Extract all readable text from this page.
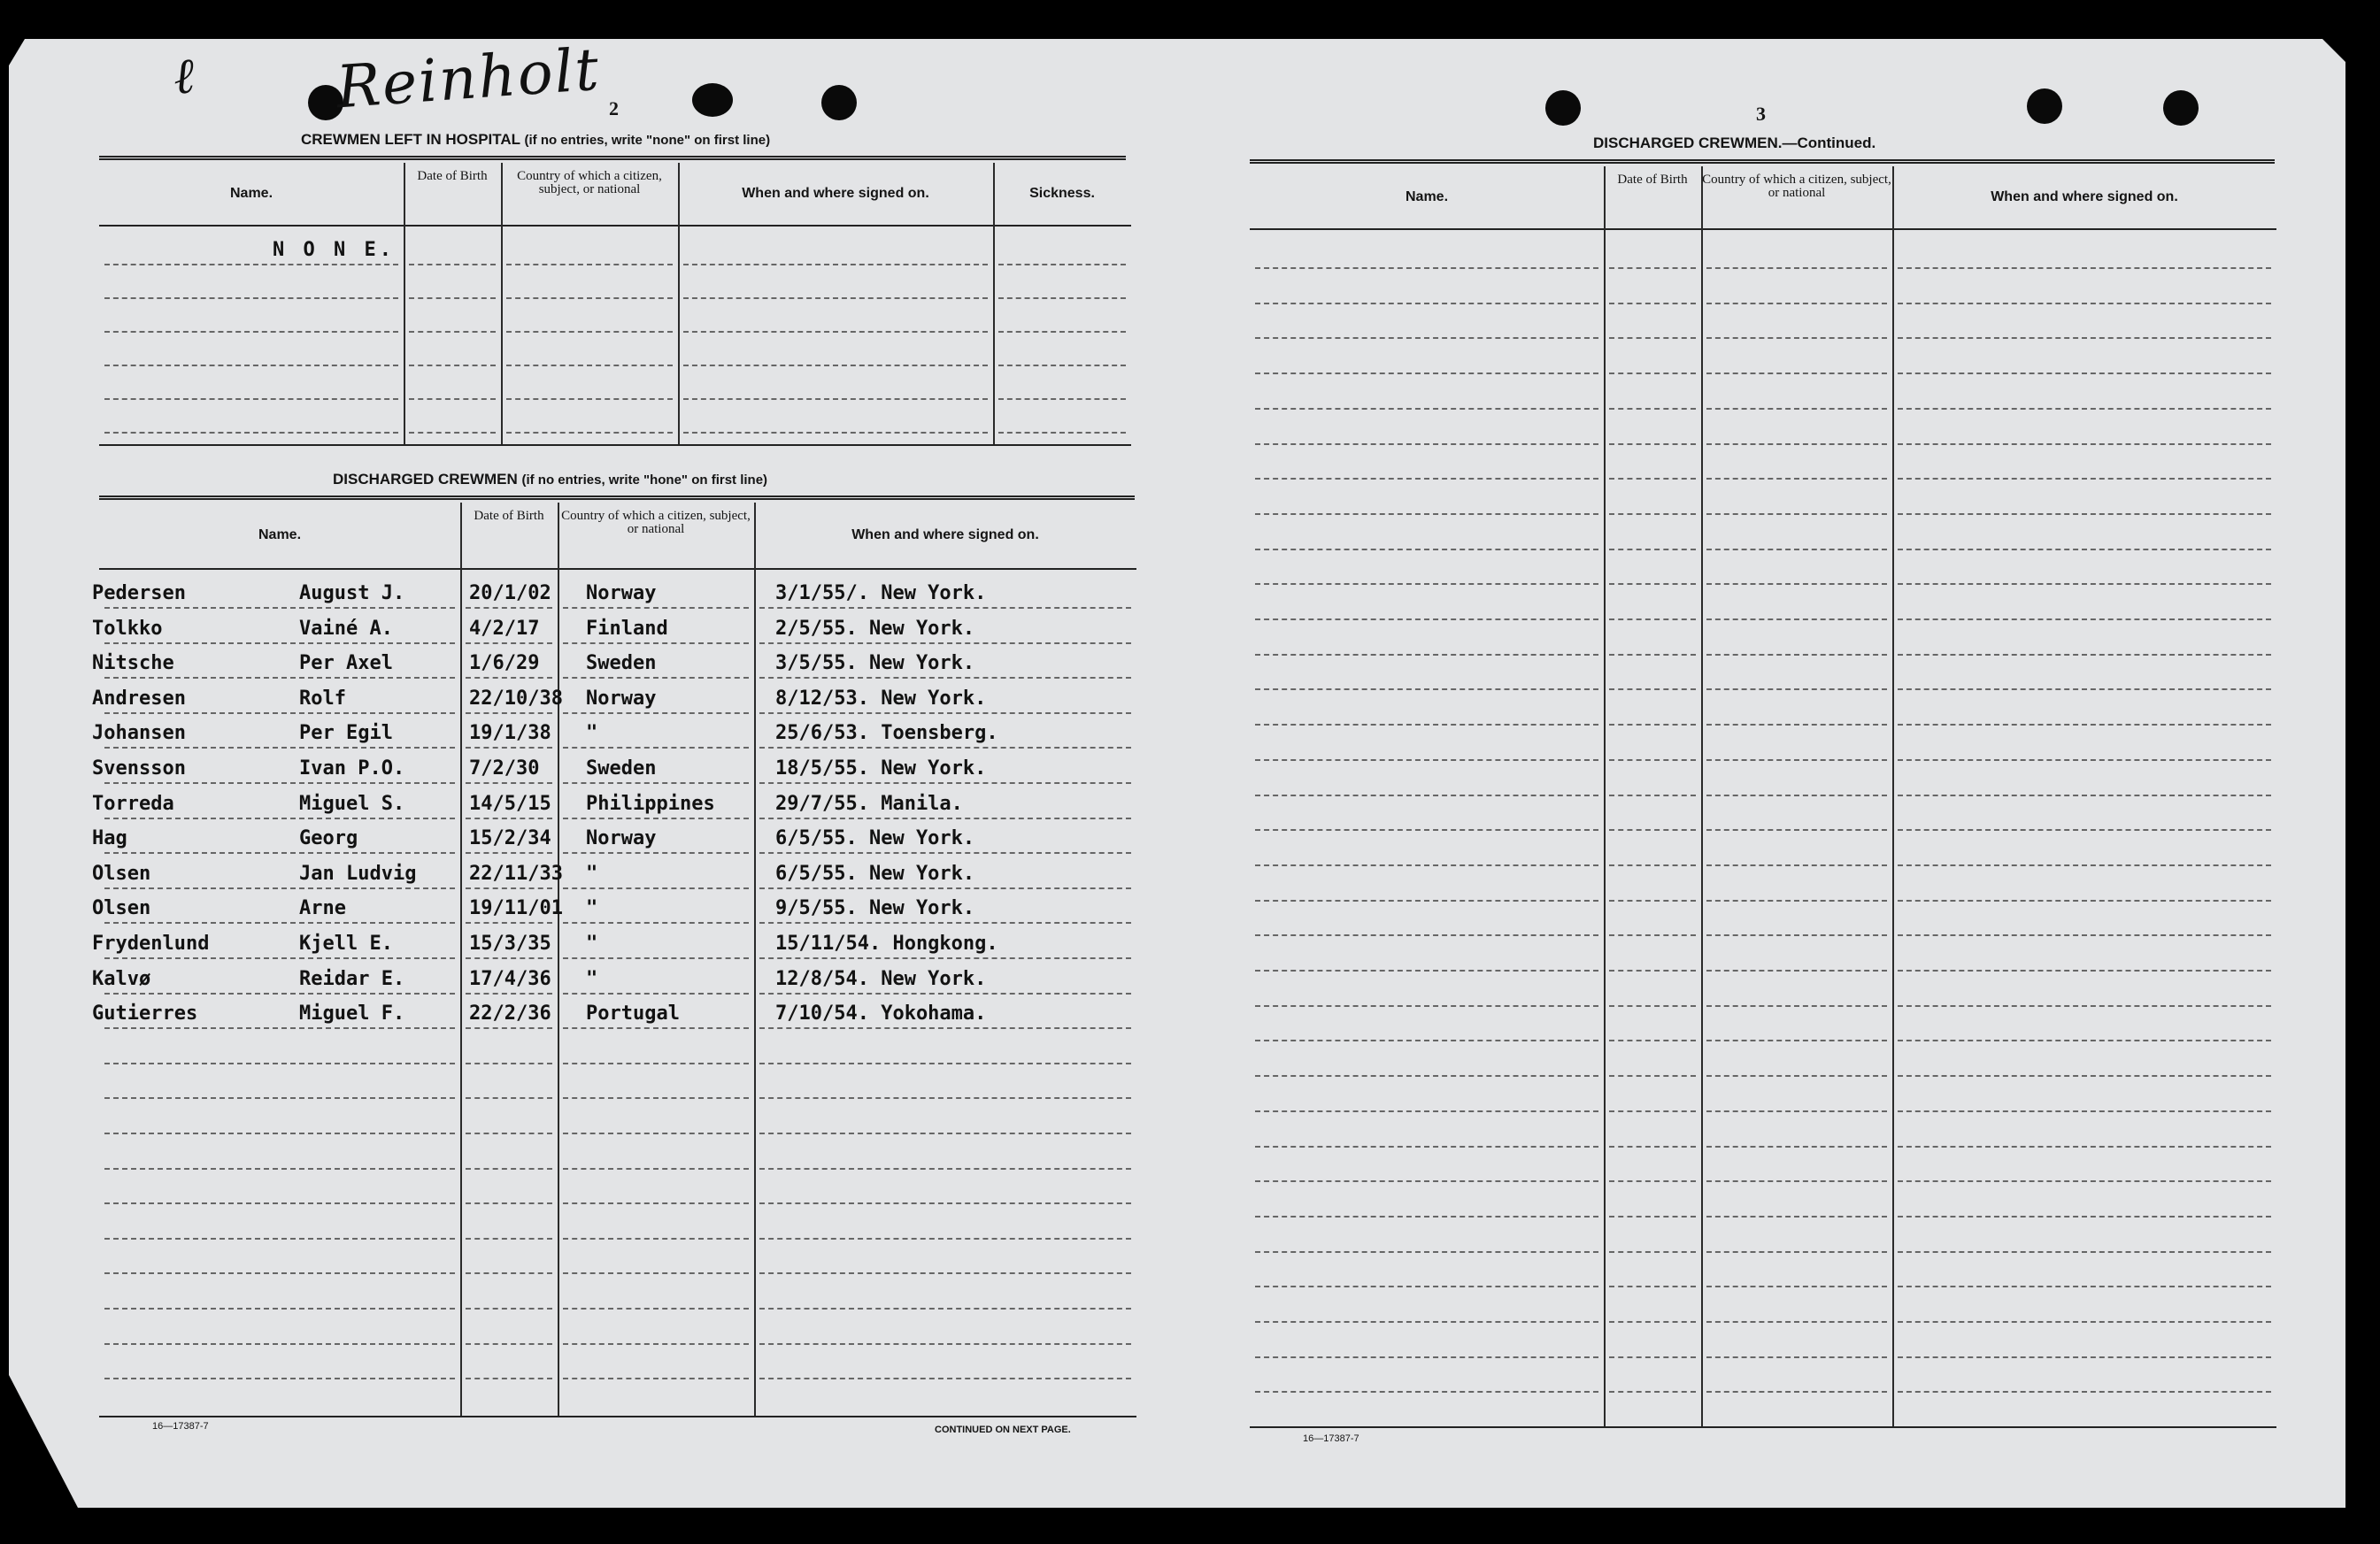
Reinholt
ℓ
2
CREWMEN LEFT IN HOSPITAL (if no entries, write "none" on first line)
Name.
Date of Birth	Country of which a citizen, subject, or national	When and where signed on.	Sickness.
N O N E.
DISCHARGED CREWMEN (if no entries, write "hone" on first line)
Name.
Date of Birth	Country of which a citizen, subject, or national	When and where signed on.
Pedersen	August J.	20/1/02 Norway	3/1/55/. New York.
Tolkko	Vainé A.	4/2/17 Finland	2/5/55. New York.
Nitsche	Per Axel	1/6/29 Sweden	3/5/55. New York.
Andresen	Rolf	22/10/38 Norway	8/12/53. New York.
Johansen	Per Egil	19/1/38 "	25/6/53. Toensberg.
Svensson	Ivan P.O.	7/2/30 Sweden	18/5/55. New York.
Torreda	Miguel S.	14/5/15 Philippines	29/7/55. Manila.
Hag	Georg	15/2/34 Norway	6/5/55. New York.
Olsen	Jan Ludvig	22/11/33 "	6/5/55. New York.
Olsen	Arne	19/11/01 "	9/5/55. New York.
Frydenlund	Kjell E.	15/3/35 "	15/11/54. Hongkong.
Kalvø	Reidar E.	17/4/36 "	12/8/54. New York.
Gutierres	Miguel F.	22/2/36 Portugal	7/10/54. Yokohama.
16—17387-7	CONTINUED ON NEXT PAGE.
3
DISCHARGED CREWMEN.—Continued.
Name.
Date of Birth	Country of which a citizen, subject, or national	When and where signed on.
16—17387-7
